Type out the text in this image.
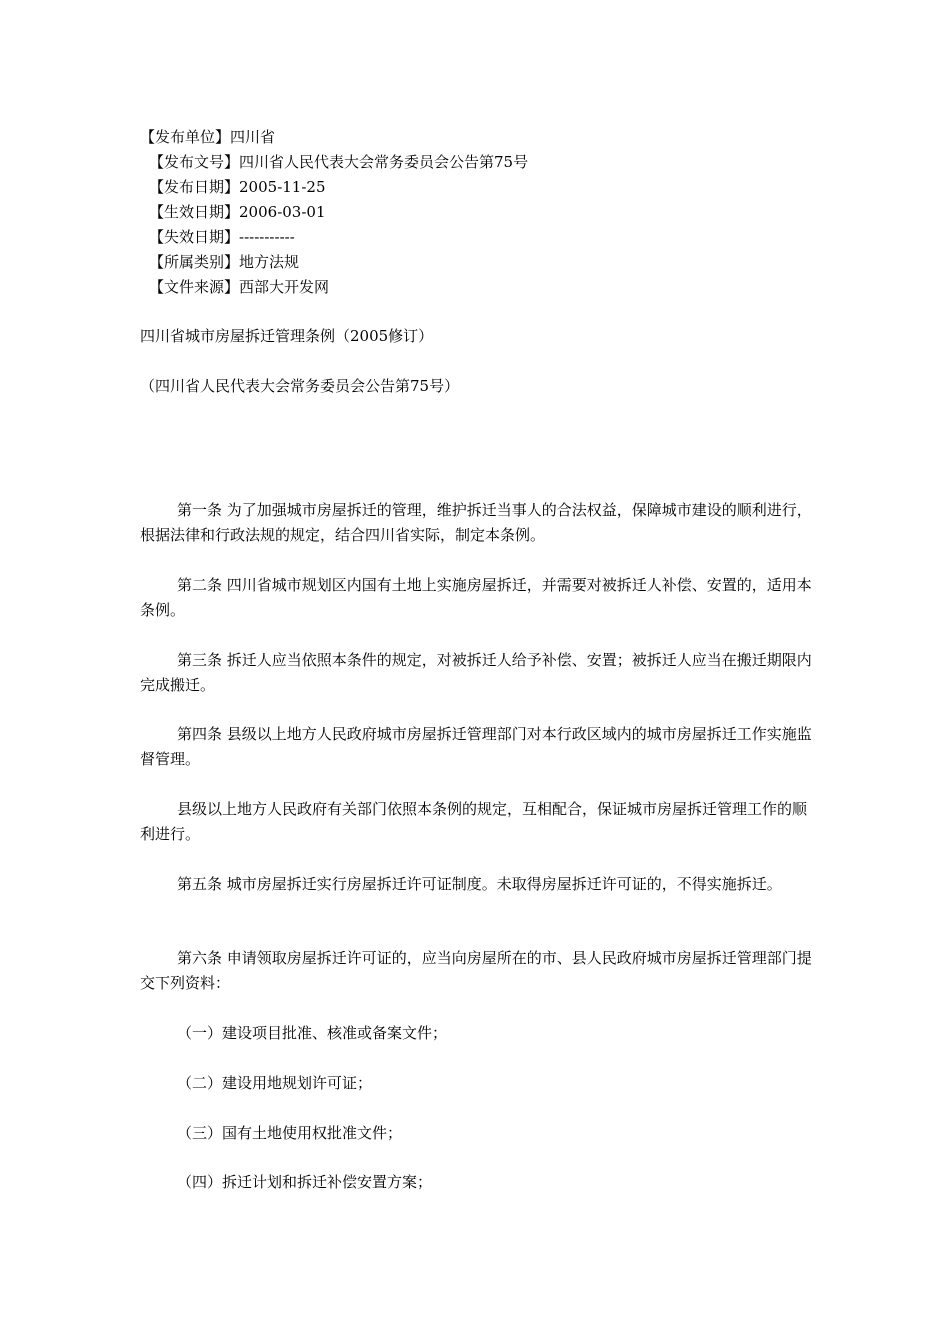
【发布单位】四川省
【发布文号】四川省人民代表大会常务委员会公告第75号
【发布日期】2005-11-25
【生效日期】2006-03-01
【失效日期】-----------
【所属类别】地方法规
【文件来源】西部大开发网
四川省城市房屋拆迁管理条例（2005修订）
（四川省人民代表大会常务委员会公告第75号）

第一条 为了加强城市房屋拆迁的管理，维护拆迁当事人的合法权益，保障城市建设的顺利进行，根据法律和行政法规的规定，结合四川省实际，制定本条例。

第二条 四川省城市规划区内国有土地上实施房屋拆迁，并需要对被拆迁人补偿、安置的，适用本条例。

第三条 拆迁人应当依照本条件的规定，对被拆迁人给予补偿、安置；被拆迁人应当在搬迁期限内完成搬迁。

第四条 县级以上地方人民政府城市房屋拆迁管理部门对本行政区域内的城市房屋拆迁工作实施监督管理。

县级以上地方人民政府有关部门依照本条例的规定，互相配合，保证城市房屋拆迁管理工作的顺利进行。

第五条 城市房屋拆迁实行房屋拆迁许可证制度。未取得房屋拆迁许可证的，不得实施拆迁。

第六条 申请领取房屋拆迁许可证的，应当向房屋所在的市、县人民政府城市房屋拆迁管理部门提交下列资料：

（一）建设项目批准、核准或备案文件；
（二）建设用地规划许可证；
（三）国有土地使用权批准文件；
（四）拆迁计划和拆迁补偿安置方案；
